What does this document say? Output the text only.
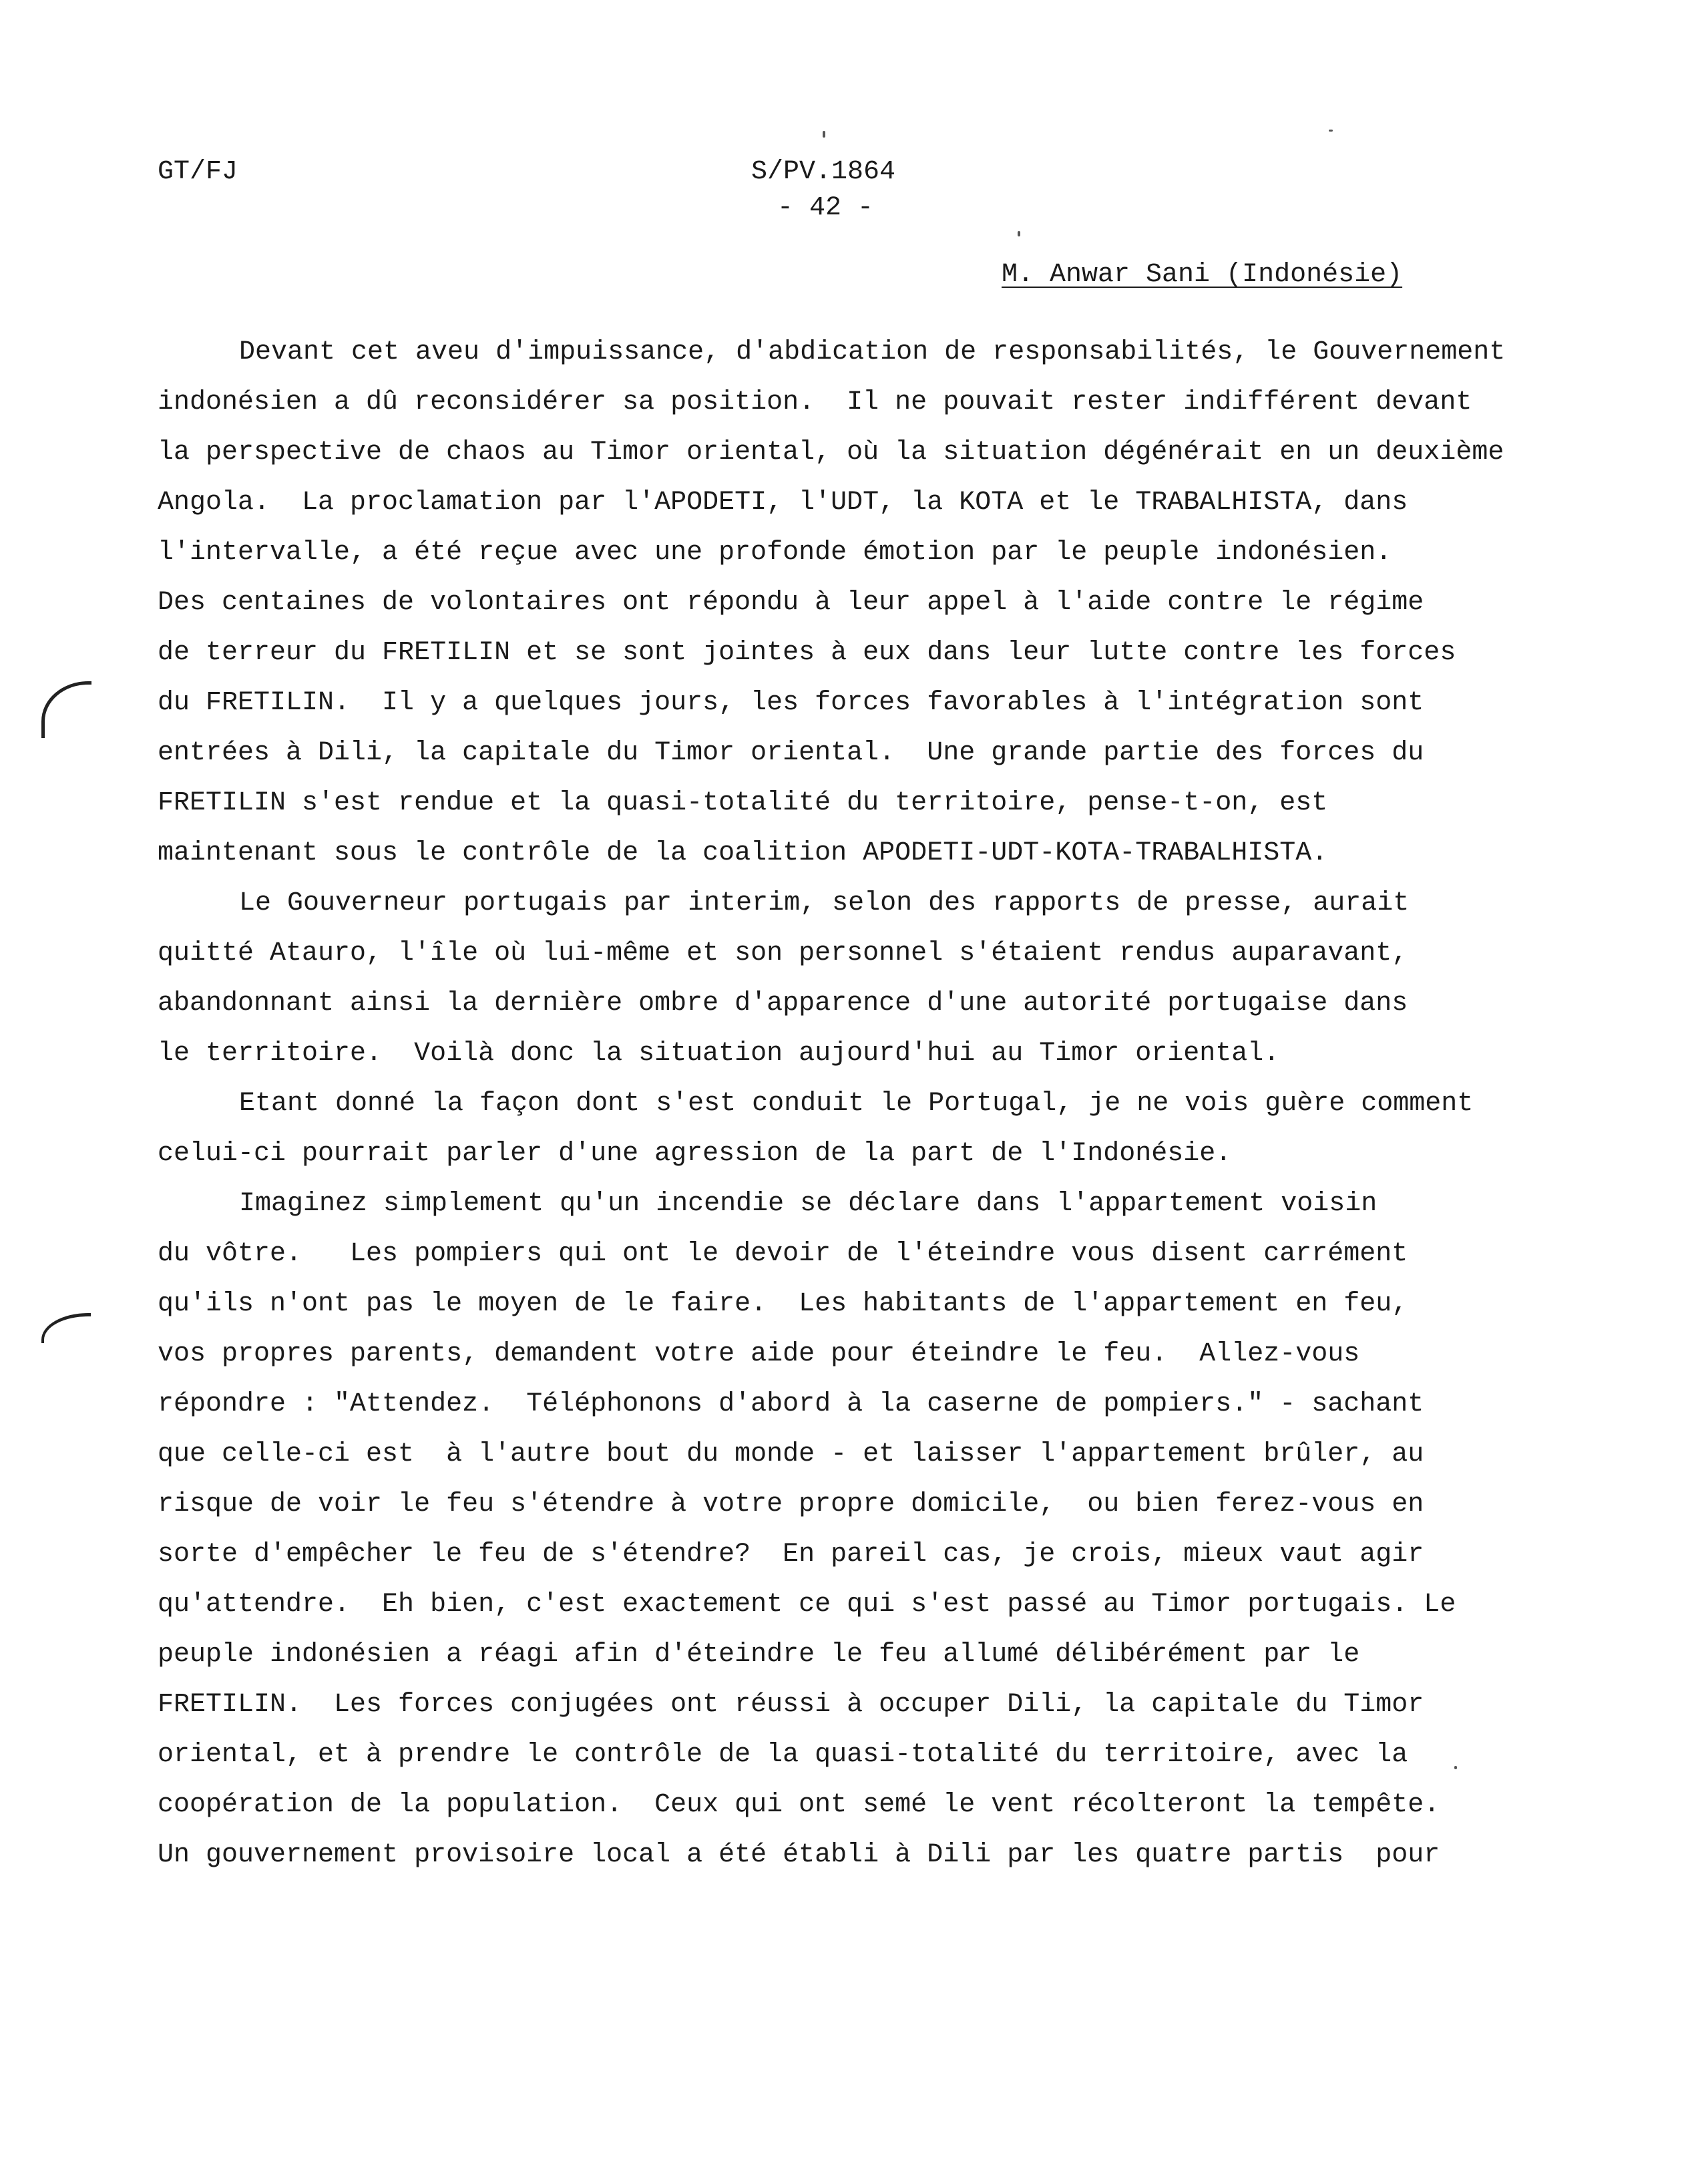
GT/FJ	S/PV.1864
- 42 -
M. Anwar Sani (Indonésie)
Devant cet aveu d'impuissance, d'abdication de responsabilités, le Gouvernement
indonésien a dû reconsidérer sa position.  Il ne pouvait rester indifférent devant
la perspective de chaos au Timor oriental, où la situation dégénérait en un deuxième
Angola.  La proclamation par l'APODETI, l'UDT, la KOTA et le TRABALHISTA, dans
l'intervalle, a été reçue avec une profonde émotion par le peuple indonésien.
Des centaines de volontaires ont répondu à leur appel à l'aide contre le régime
de terreur du FRETILIN et se sont jointes à eux dans leur lutte contre les forces
du FRETILIN.  Il y a quelques jours, les forces favorables à l'intégration sont
entrées à Dili, la capitale du Timor oriental.  Une grande partie des forces du
FRETILIN s'est rendue et la quasi-totalité du territoire, pense-t-on, est
maintenant sous le contrôle de la coalition APODETI-UDT-KOTA-TRABALHISTA.
Le Gouverneur portugais par interim, selon des rapports de presse, aurait
quitté Atauro, l'île où lui-même et son personnel s'étaient rendus auparavant,
abandonnant ainsi la dernière ombre d'apparence d'une autorité portugaise dans
le territoire.  Voilà donc la situation aujourd'hui au Timor oriental.
Etant donné la façon dont s'est conduit le Portugal, je ne vois guère comment
celui-ci pourrait parler d'une agression de la part de l'Indonésie.
Imaginez simplement qu'un incendie se déclare dans l'appartement voisin
du vôtre.   Les pompiers qui ont le devoir de l'éteindre vous disent carrément
qu'ils n'ont pas le moyen de le faire.  Les habitants de l'appartement en feu,
vos propres parents, demandent votre aide pour éteindre le feu.  Allez-vous
répondre : "Attendez.  Téléphonons d'abord à la caserne de pompiers." - sachant
que celle-ci est  à l'autre bout du monde - et laisser l'appartement brûler, au
risque de voir le feu s'étendre à votre propre domicile,  ou bien ferez-vous en
sorte d'empêcher le feu de s'étendre?  En pareil cas, je crois, mieux vaut agir
qu'attendre.  Eh bien, c'est exactement ce qui s'est passé au Timor portugais. Le
peuple indonésien a réagi afin d'éteindre le feu allumé délibérément par le
FRETILIN.  Les forces conjugées ont réussi à occuper Dili, la capitale du Timor
oriental, et à prendre le contrôle de la quasi-totalité du territoire, avec la
coopération de la population.  Ceux qui ont semé le vent récolteront la tempête.
Un gouvernement provisoire local a été établi à Dili par les quatre partis  pour
